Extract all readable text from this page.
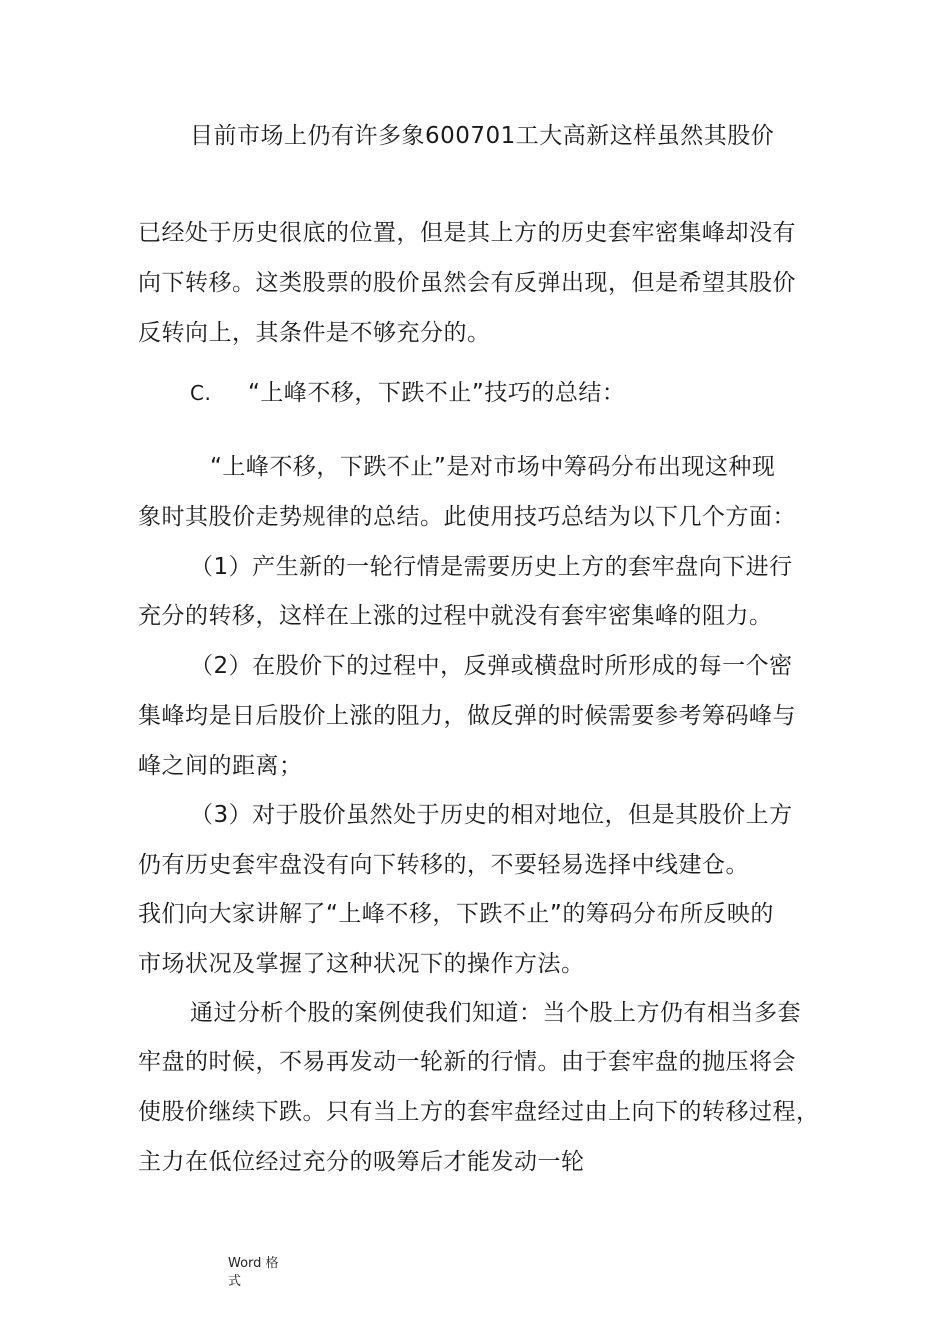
目前市场上仍有许多象600701工大高新这样虽然其股价
已经处于历史很底的位置，但是其上方的历史套牢密集峰却没有
向下转移。这类股票的股价虽然会有反弹出现，但是希望其股价
反转向上，其条件是不够充分的。
C. “上峰不移，下跌不止”技巧的总结：
“上峰不移，下跌不止”是对市场中筹码分布出现这种现
象时其股价走势规律的总结。此使用技巧总结为以下几个方面：
（1）产生新的一轮行情是需要历史上方的套牢盘向下进行
充分的转移，这样在上涨的过程中就没有套牢密集峰的阻力。
（2）在股价下的过程中，反弹或横盘时所形成的每一个密
集峰均是日后股价上涨的阻力，做反弹的时候需要参考筹码峰与
峰之间的距离；
（3）对于股价虽然处于历史的相对地位，但是其股价上方
仍有历史套牢盘没有向下转移的，不要轻易选择中线建仓。
我们向大家讲解了“上峰不移，下跌不止”的筹码分布所反映的
市场状况及掌握了这种状况下的操作方法。
通过分析个股的案例使我们知道：当个股上方仍有相当多套
牢盘的时候，不易再发动一轮新的行情。由于套牢盘的抛压将会
使股价继续下跌。只有当上方的套牢盘经过由上向下的转移过程，
主力在低位经过充分的吸筹后才能发动一轮
Word 格
式
